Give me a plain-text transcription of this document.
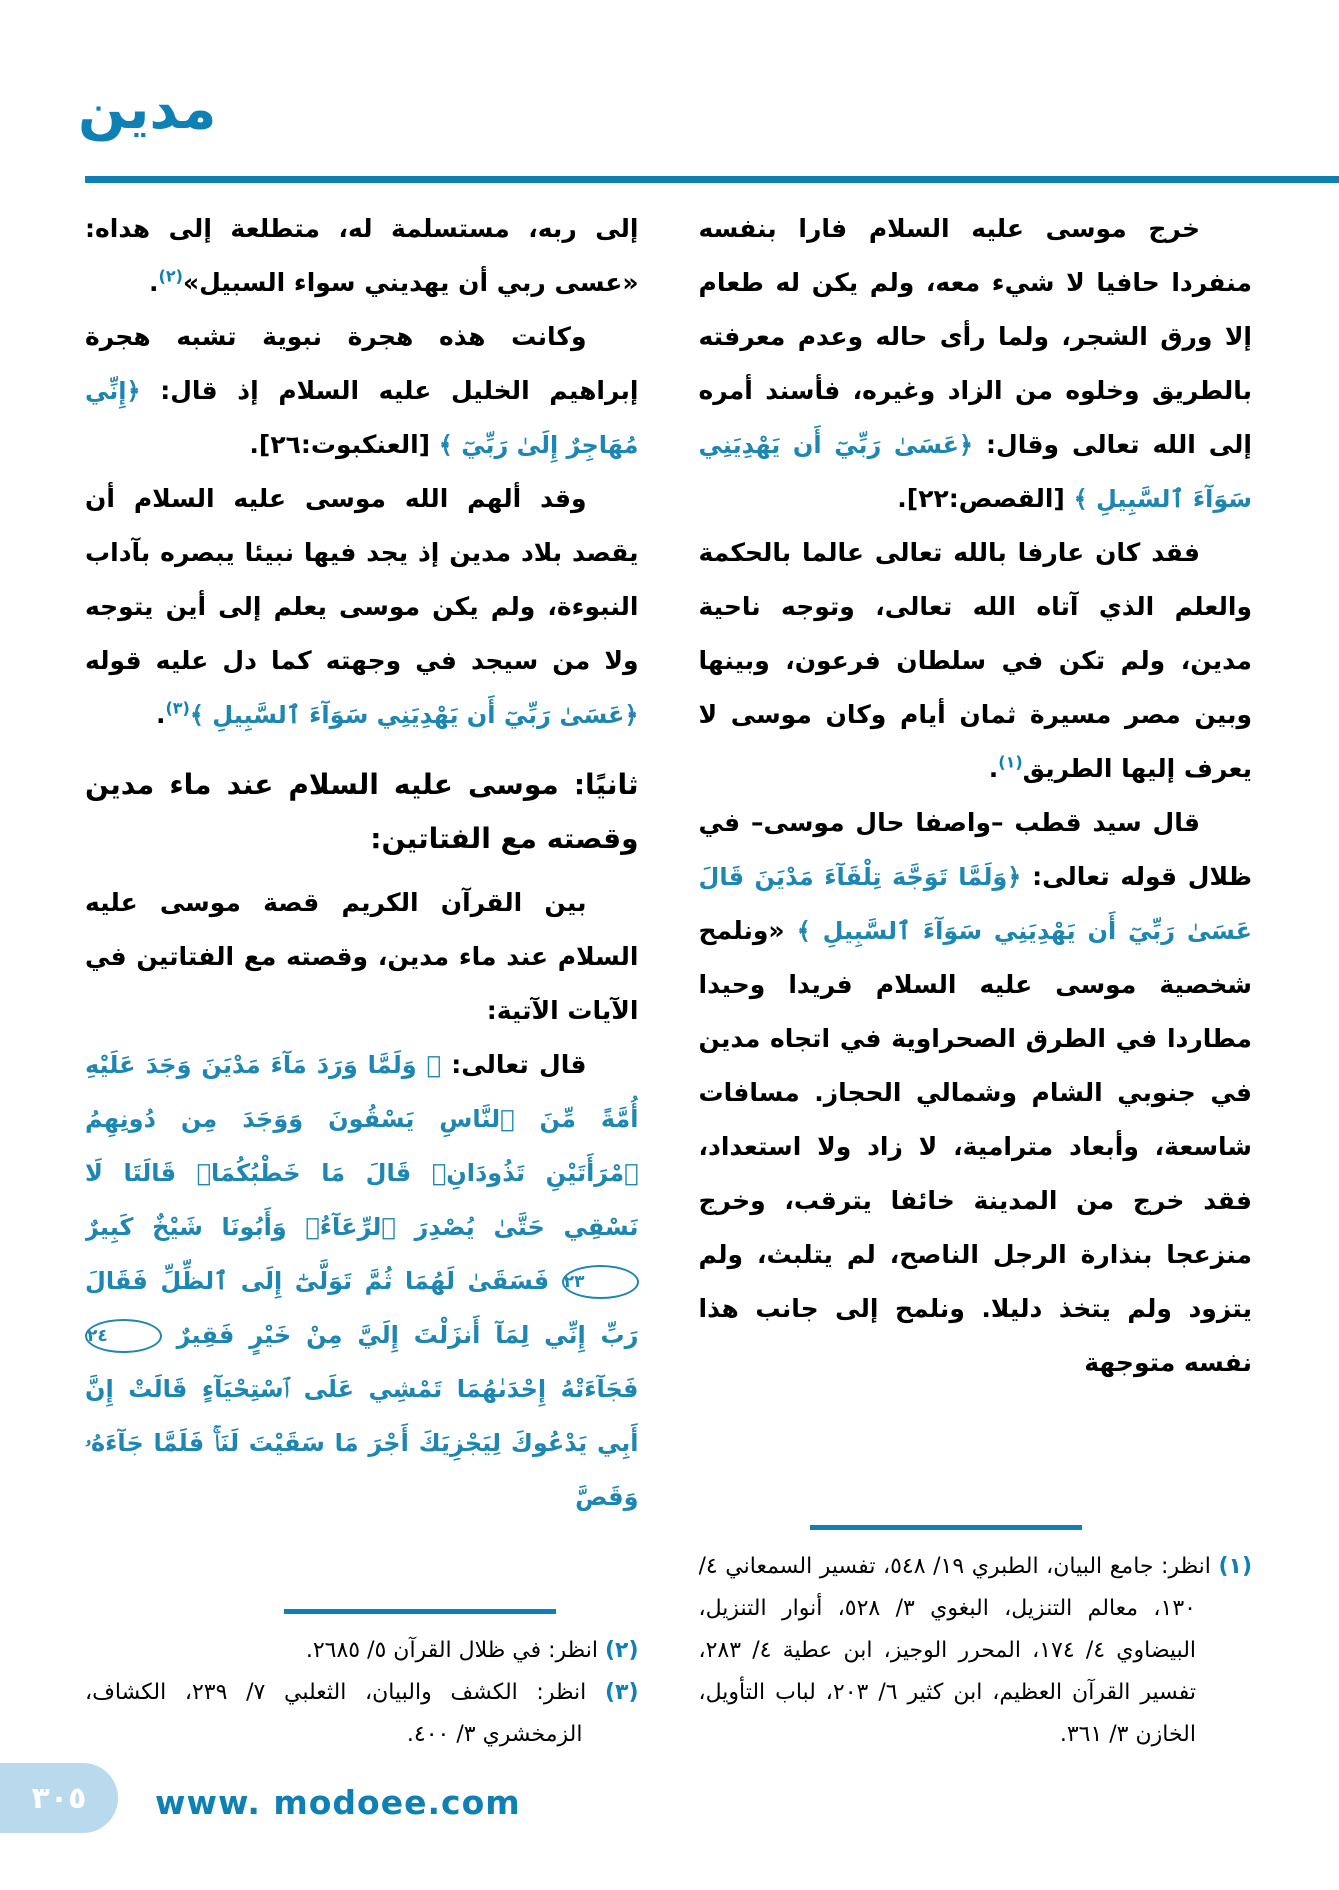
مدين

خرج موسى عليه السلام فارا بنفسه منفردا حافيا لا شيء معه، ولم يكن له طعام إلا ورق الشجر، ولما رأى حاله وعدم معرفته بالطريق وخلوه من الزاد وغيره، فأسند أمره إلى الله تعالى وقال: ﴿عَسَىٰ رَبِّيٓ أَن يَهْدِيَنِي سَوَآءَ ٱلسَّبِيلِ ﴾ [القصص:٢٢].

فقد كان عارفا بالله تعالى عالما بالحكمة والعلم الذي آتاه الله تعالى، وتوجه ناحية مدين، ولم تكن في سلطان فرعون، وبينها وبين مصر مسيرة ثمان أيام وكان موسى لا يعرف إليها الطريق$^{(١)}$.

قال سيد قطب –واصفا حال موسى– في ظلال قوله تعالى: ﴿وَلَمَّا تَوَجَّهَ تِلْقَآءَ مَدْيَنَ قَالَ عَسَىٰ رَبِّيٓ أَن يَهْدِيَنِي سَوَآءَ ٱلسَّبِيلِ ﴾ «ونلمح شخصية موسى عليه السلام فريدا وحيدا مطاردا في الطرق الصحراوية في اتجاه مدين في جنوبي الشام وشمالي الحجاز. مسافات شاسعة، وأبعاد مترامية، لا زاد ولا استعداد، فقد خرج من المدينة خائفا يترقب، وخرج منزعجا بنذارة الرجل الناصح، لم يتلبث، ولم يتزود ولم يتخذ دليلا. ونلمح إلى جانب هذا نفسه متوجهة

(١) انظر: جامع البيان، الطبري ١٩/ ٥٤٨، تفسير السمعاني ٤/ ١٣٠، معالم التنزيل، البغوي ٣/ ٥٢٨، أنوار التنزيل، البيضاوي ٤/ ١٧٤، المحرر الوجيز، ابن عطية ٤/ ٢٨٣، تفسير القرآن العظيم، ابن كثير ٦/ ٢٠٣، لباب التأويل، الخازن ٣/ ٣٦١.

إلى ربه، مستسلمة له، متطلعة إلى هداه: «عسى ربي أن يهديني سواء السبيل»$^{(٢)}$.

وكانت هذه هجرة نبوية تشبه هجرة إبراهيم الخليل عليه السلام إذ قال: ﴿إِنِّي مُهَاجِرٌ إِلَىٰ رَبِّيٓ ﴾ [العنكبوت:٢٦].

وقد ألهم الله موسى عليه السلام أن يقصد بلاد مدين إذ يجد فيها نبيئا يبصره بآداب النبوءة، ولم يكن موسى يعلم إلى أين يتوجه ولا من سيجد في وجهته كما دل عليه قوله ﴿عَسَىٰ رَبِّيٓ أَن يَهْدِيَنِي سَوَآءَ ٱلسَّبِيلِ ﴾$^{(٣)}$.

ثانيًا: موسى عليه السلام عند ماء مدين وقصته مع الفتاتين:

بين القرآن الكريم قصة موسى عليه السلام عند ماء مدين، وقصته مع الفتاتين في الآيات الآتية:

قال تعالى: ﴿ وَلَمَّا وَرَدَ مَآءَ مَدْيَنَ وَجَدَ عَلَيْهِ أُمَّةً مِّنَ ٱلنَّاسِ يَسْقُونَ وَوَجَدَ مِن دُونِهِمُ ٱمْرَأَتَيْنِ تَذُودَانِۖ قَالَ مَا خَطْبُكُمَاۖ قَالَتَا لَا نَسْقِي حَتَّىٰ يُصْدِرَ ٱلرِّعَآءُۖ وَأَبُونَا شَيْخٌ كَبِيرٌ ٢٣ فَسَقَىٰ لَهُمَا ثُمَّ تَوَلَّىٰٓ إِلَى ٱلظِّلِّ فَقَالَ رَبِّ إِنِّي لِمَآ أَنزَلْتَ إِلَيَّ مِنْ خَيْرٍ فَقِيرٌ ٢٤ فَجَآءَتْهُ إِحْدَىٰهُمَا تَمْشِي عَلَى ٱسْتِحْيَآءٍ قَالَتْ إِنَّ أَبِي يَدْعُوكَ لِيَجْزِيَكَ أَجْرَ مَا سَقَيْتَ لَنَاۚ فَلَمَّا جَآءَهُۥ وَقَصَّ

(٢) انظر: في ظلال القرآن ٥/ ٢٦٨٥.
(٣) انظر: الكشف والبيان، الثعلبي ٧/ ٢٣٩، الكشاف، الزمخشري ٣/ ٤٠٠.
٣٠٥ www. modoee.com
